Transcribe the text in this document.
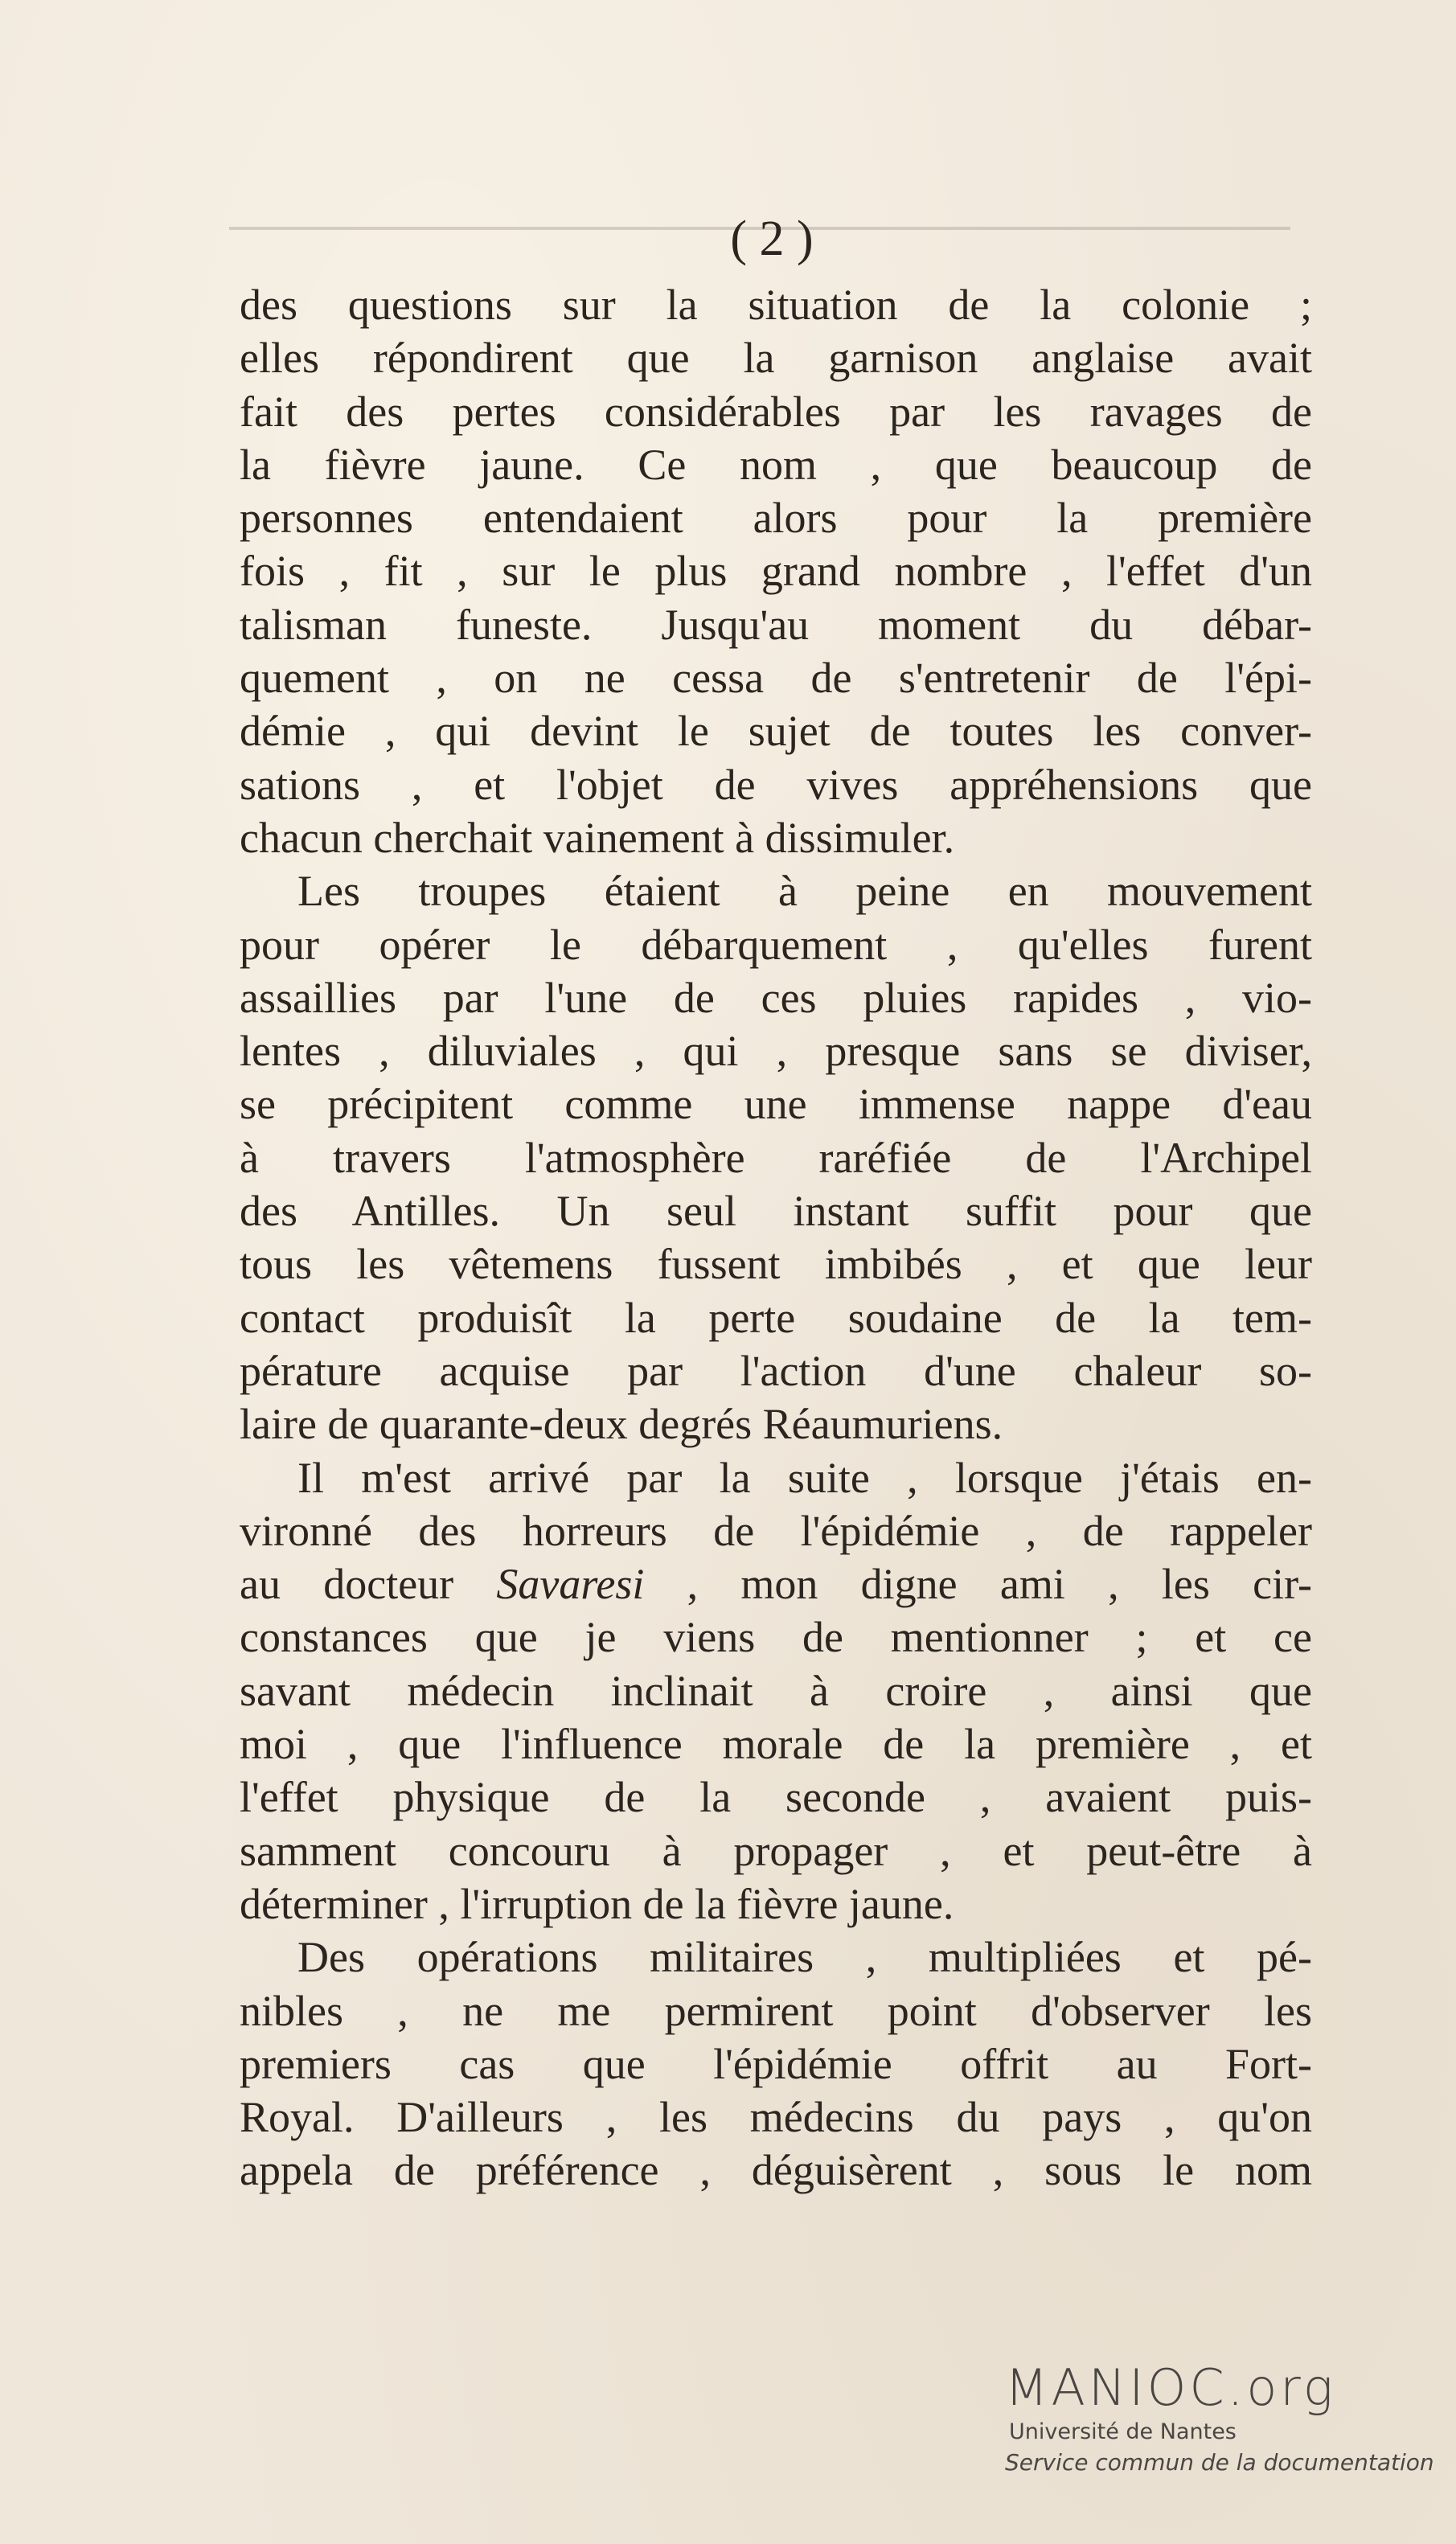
( 2 )
des questions sur la situation de la colonie ;
elles répondirent que la garnison anglaise avait
fait des pertes considérables par les ravages de
la fièvre jaune. Ce nom , que beaucoup de
personnes entendaient alors pour la première
fois , fit , sur le plus grand nombre , l'effet d'un
talisman funeste. Jusqu'au moment du débar-
quement , on ne cessa de s'entretenir de l'épi-
démie , qui devint le sujet de toutes les conver-
sations , et l'objet de vives appréhensions que
chacun cherchait vainement à dissimuler.
Les troupes étaient à peine en mouvement
pour opérer le débarquement , qu'elles furent
assaillies par l'une de ces pluies rapides , vio-
lentes , diluviales , qui , presque sans se diviser,
se précipitent comme une immense nappe d'eau
à travers l'atmosphère raréfiée de l'Archipel
des Antilles. Un seul instant suffit pour que
tous les vêtemens fussent imbibés , et que leur
contact produisît la perte soudaine de la tem-
pérature acquise par l'action d'une chaleur so-
laire de quarante-deux degrés Réaumuriens.
Il m'est arrivé par la suite , lorsque j'étais en-
vironné des horreurs de l'épidémie , de rappeler
au docteur Savaresi , mon digne ami , les cir-
constances que je viens de mentionner ; et ce
savant médecin inclinait à croire , ainsi que
moi , que l'influence morale de la première , et
l'effet physique de la seconde , avaient puis-
samment concouru à propager , et peut-être à
déterminer , l'irruption de la fièvre jaune.
Des opérations militaires , multipliées et pé-
nibles , ne me permirent point d'observer les
premiers cas que l'épidémie offrit au Fort-
Royal. D'ailleurs , les médecins du pays , qu'on
appela de préférence , déguisèrent , sous le nom
MANIOC.org
Université de Nantes
Service commun de la documentation
